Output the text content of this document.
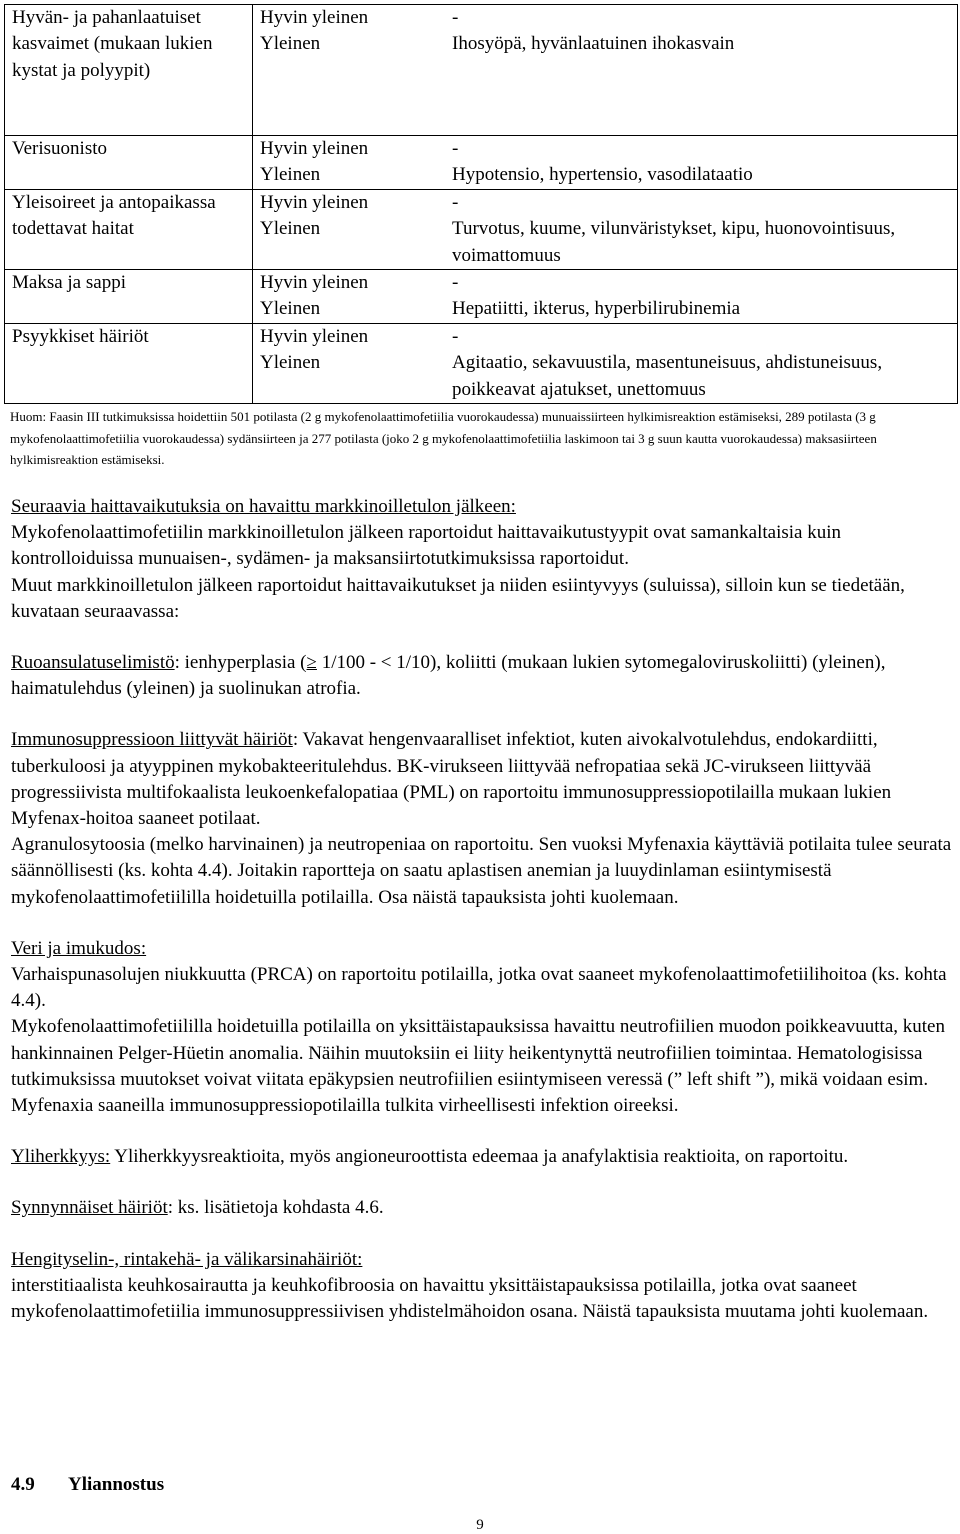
Hyvän- ja pahanlaatuiset kasvaimet (mukaan lukien kystat ja polyypit)	Hyvin yleinen	-
	Yleinen	Ihosyöpä, hyvänlaatuinen ihokasvain
Verisuonisto	Hyvin yleinen	-
	Yleinen	Hypotensio, hypertensio, vasodilataatio
Yleisoireet ja antopaikassa todettavat haitat	Hyvin yleinen	-
	Yleinen	Turvotus, kuume, vilunväristykset, kipu, huonovointisuus, voimattomuus
Maksa ja sappi	Hyvin yleinen	-
	Yleinen	Hepatiitti, ikterus, hyperbilirubinemia
Psyykkiset häiriöt	Hyvin yleinen	-
	Yleinen	Agitaatio, sekavuustila, masentuneisuus, ahdistuneisuus, poikkeavat ajatukset, unettomuus
Huom: Faasin III tutkimuksissa hoidettiin 501 potilasta (2 g mykofenolaattimofetiilia vuorokaudessa) munuaissiirteen hylkimisreaktion estämiseksi, 289 potilasta (3 g mykofenolaattimofetiilia vuorokaudessa) sydänsiirteen ja 277 potilasta (joko 2 g mykofenolaattimofetiilia laskimoon tai 3 g suun kautta vuorokaudessa) maksasiirteen hylkimisreaktion estämiseksi.

Seuraavia haittavaikutuksia on havaittu markkinoilletulon jälkeen:

Mykofenolaattimofetiilin markkinoilletulon jälkeen raportoidut haittavaikutustyypit ovat samankaltaisia kuin kontrolloiduissa munuaisen-, sydämen- ja maksansiirtotutkimuksissa raportoidut.

Muut markkinoilletulon jälkeen raportoidut haittavaikutukset ja niiden esiintyvyys (suluissa), silloin kun se tiedetään, kuvataan seuraavassa:

Ruoansulatuselimistö: ienhyperplasia (≥ 1/100 - < 1/10), koliitti (mukaan lukien sytomegaloviruskoliitti) (yleinen), haimatulehdus (yleinen) ja suolinukan atrofia.

Immunosuppressioon liittyvät häiriöt: Vakavat hengenvaaralliset infektiot, kuten aivokalvotulehdus, endokardiitti, tuberkuloosi ja atyyppinen mykobakteeritulehdus. BK-virukseen liittyvää nefropatiaa sekä JC-virukseen liittyvää progressiivista multifokaalista leukoenkefalopatiaa (PML) on raportoitu immunosuppressiopotilailla mukaan lukien Myfenax-hoitoa saaneet potilaat.

Agranulosytoosia (melko harvinainen) ja neutropeniaa on raportoitu. Sen vuoksi Myfenaxia käyttäviä potilaita tulee seurata säännöllisesti (ks. kohta 4.4). Joitakin raportteja on saatu aplastisen anemian ja luuydinlaman esiintymisestä mykofenolaattimofetiililla hoidetuilla potilailla. Osa näistä tapauksista johti kuolemaan.

Veri ja imukudos:

Varhaispunasolujen niukkuutta (PRCA) on raportoitu potilailla, jotka ovat saaneet mykofenolaattimofetiilihoitoa (ks. kohta 4.4).

Mykofenolaattimofetiililla hoidetuilla potilailla on yksittäistapauksissa havaittu neutrofiilien muodon poikkeavuutta, kuten hankinnainen Pelger-Hüetin anomalia. Näihin muutoksiin ei liity heikentynyttä neutrofiilien toimintaa. Hematologisissa tutkimuksissa muutokset voivat viitata epäkypsien neutrofiilien esiintymiseen veressä (” left shift ”), mikä voidaan esim. Myfenaxia saaneilla immunosuppressiopotilailla tulkita virheellisesti infektion oireeksi.

Yliherkkyys: Yliherkkyysreaktioita, myös angioneuroottista edeemaa ja anafylaktisia reaktioita, on raportoitu.

Synnynnäiset häiriöt: ks. lisätietoja kohdasta 4.6.

Hengityselin-, rintakehä- ja välikarsinahäiriöt:

interstitiaalista keuhkosairautta ja keuhkofibroosia on havaittu yksittäistapauksissa potilailla, jotka ovat saaneet mykofenolaattimofetiilia immunosuppressiivisen yhdistelmähoidon osana. Näistä tapauksista muutama johti kuolemaan.

4.9 Yliannostus
9
